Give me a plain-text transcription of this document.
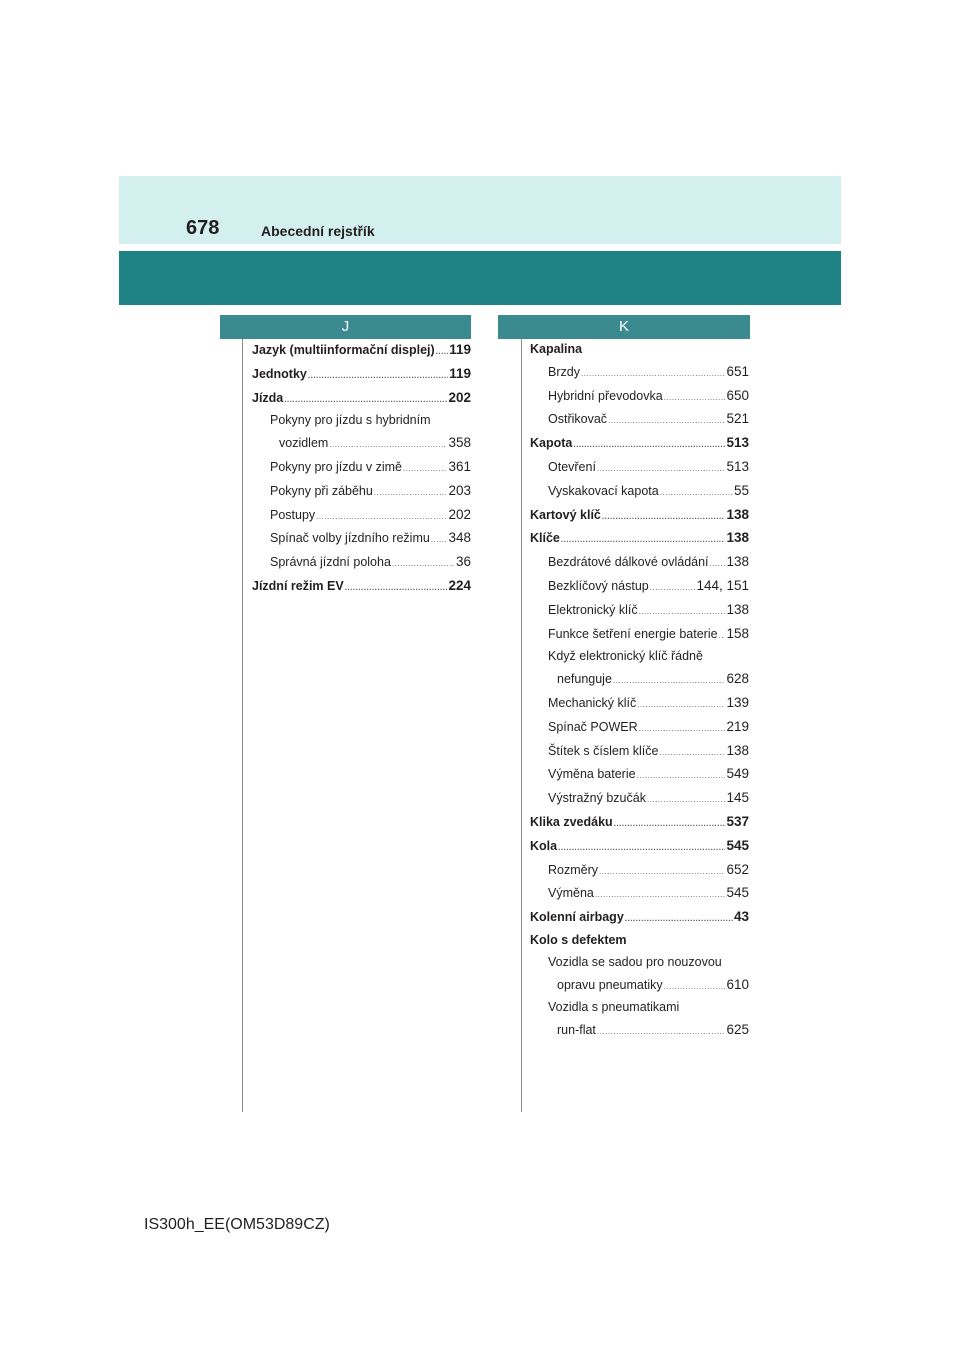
678	Abecední rejstřík
J	K
Jazyk (multiinformační displej) ..... 119
Jednotky .....	119
Jízda .....	202
Pokyny pro jízdu s hybridním
vozidlem .....	358
Pokyny pro jízdu v zimě .....	361
Pokyny při záběhu .....	203
Postupy .....	202
Spínač volby jízdního režimu ..... 348
Správná jízdní poloha .....	36
Jízdní režim EV .....	224
Kapalina
Brzdy .....	651
Hybridní převodovka .....	650
Ostřikovač .....	521
Kapota .....	513
Otevření .....	513
Vyskakovací kapota .....	55
Kartový klíč .....	138
Klíče .....	138
Bezdrátové dálkové ovládání ..... 138
Bezklíčový nástup .....	144, 151
Elektronický klíč .....	138
Funkce šetření energie baterie ..... 158
Když elektronický klíč řádně
nefunguje .....	628
Mechanický klíč .....	139
Spínač POWER .....	219
Štítek s číslem klíče .....	138
Výměna baterie .....	549
Výstražný bzučák .....	145
Klika zvedáku .....	537
Kola .....	545
Rozměry .....	652
Výměna .....	545
Kolenní airbagy .....	43
Kolo s defektem
Vozidla se sadou pro nouzovou
opravu pneumatiky .....	610
Vozidla s pneumatikami
run-flat .....	625
IS300h_EE(OM53D89CZ)
